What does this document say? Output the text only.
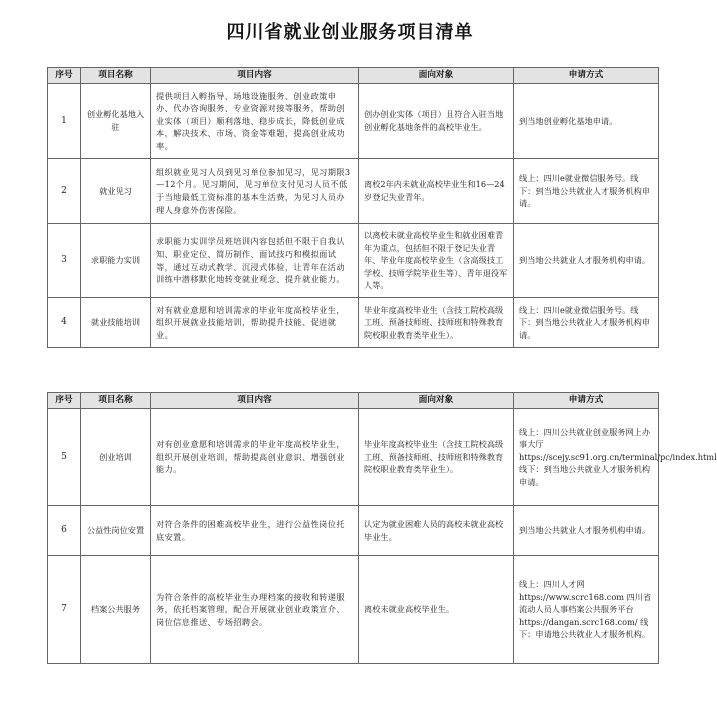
四川省就业创业服务项目清单
序号	项目名称	项目内容	面向对象	申请方式
1	创业孵化基地入驻	提供项目入孵指导、场地设施服务、创业政策申办、代办咨询服务、专业资源对接等服务，帮助创业实体（项目）顺利落地、稳步成长，降低创业成本，解决技术、市场、资金等难题，提高创业成功率。	创办创业实体（项目）且符合入驻当地创业孵化基地条件的高校毕业生。	到当地创业孵化基地申请。
2	就业见习	组织就业见习人员到见习单位参加见习，见习期限3—12个月。见习期间，见习单位支付见习人员不低于当地最低工资标准的基本生活费，为见习人员办理人身意外伤害保险。	离校2年内未就业高校毕业生和16—24岁登记失业青年。	线上：四川e就业微信服务号。线下：到当地公共就业人才服务机构申请。
3	求职能力实训	求职能力实训学员班培训内容包括但不限于自我认知、职业定位、简历制作、面试技巧和模拟面试等，通过互动式教学、沉浸式体验，让青年在活动训练中潜移默化地转变就业观念、提升就业能力。	以离校未就业高校毕业生和就业困难青年为重点，包括但不限于登记失业青年、毕业年度高校毕业生（含高级技工学校、技师学院毕业生等）、青年退役军人等。	到当地公共就业人才服务机构申请。
4	就业技能培训	对有就业意愿和培训需求的毕业年度高校毕业生，组织开展就业技能培训，帮助提升技能、促进就业。	毕业年度高校毕业生（含技工院校高级工班、预备技师班、技师班和特殊教育院校职业教育类毕业生）。	线上：四川e就业微信服务号。线下：到当地公共就业人才服务机构申请。
序号	项目名称	项目内容	面向对象	申请方式
5	创业培训	对有创业意愿和培训需求的毕业年度高校毕业生，组织开展创业培训，帮助提高创业意识、增强创业能力。	毕业年度高校毕业生（含技工院校高级工班、预备技师班、技师班和特殊教育院校职业教育类毕业生）。	线上：四川公共就业创业服务网上办事大厅 https://scejy.sc91.org.cn/terminal/pc/index.html 线下：到当地公共就业人才服务机构申请。
6	公益性岗位安置	对符合条件的困难高校毕业生，进行公益性岗位托底安置。	认定为就业困难人员的高校未就业高校毕业生。	到当地公共就业人才服务机构申请。
7	档案公共服务	为符合条件的高校毕业生办理档案的接收和转递服务，依托档案管理，配合开展就业创业政策宣介、岗位信息推送、专场招聘会。	离校未就业高校毕业生。	线上：四川人才网 https://www.scrc168.com 四川省流动人员人事档案公共服务平台 https://dangan.scrc168.com/ 线下：申请地公共就业人才服务机构。
